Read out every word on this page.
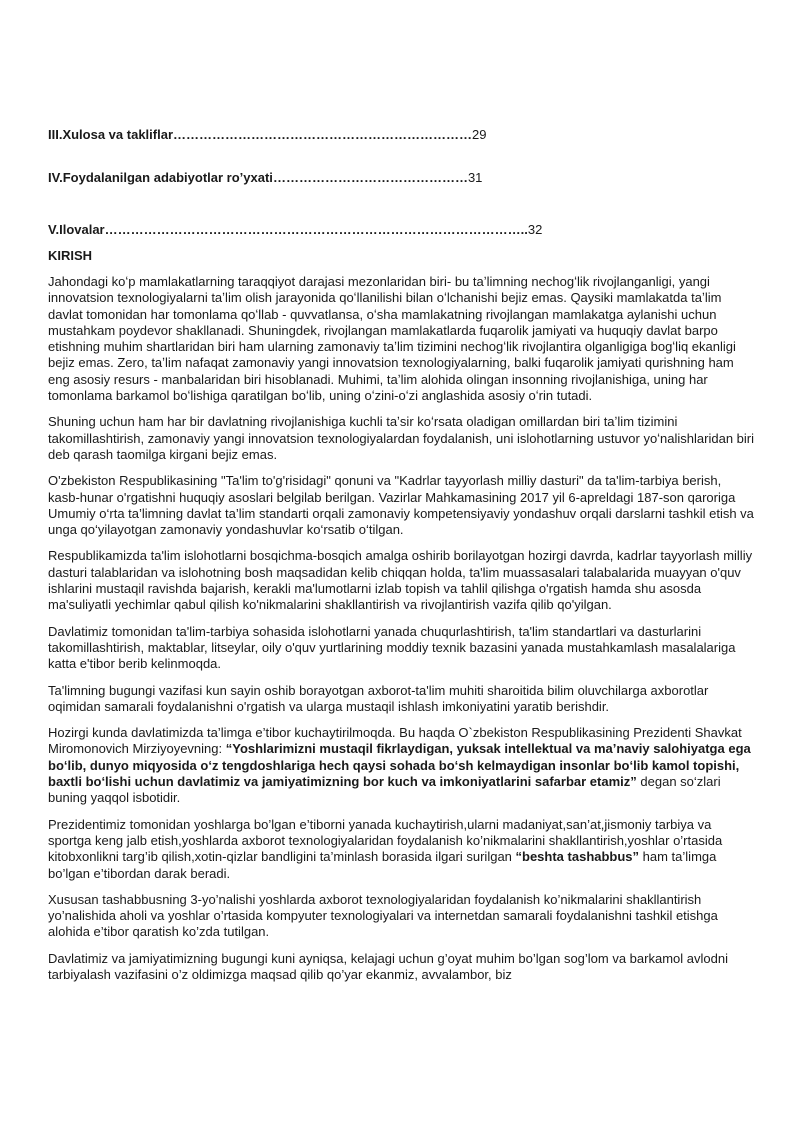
III.Xulosa va takliflar……………………………………………………………29
IV.Foydalanilgan adabiyotlar ro’yxati………………………………………31
V.Ilovalar……………………………………………………………………………………..32
KIRISH

Jahondagi koʻp mamlakatlarning taraqqiyot darajasi mezonlaridan biri- bu taʼlimning nechogʻlik rivojlanganligi, yangi innovatsion texnologiyalarni taʼlim olish jarayonida qoʻllanilishi bilan oʻlchanishi bejiz emas. Qaysiki mamlakatda taʼlim davlat tomonidan har tomonlama qoʻllab - quvvatlansa, oʻsha mamlakatning rivojlangan mamlakatga aylanishi uchun mustahkam poydevor shakllanadi. Shuningdek, rivojlangan mamlakatlarda fuqarolik jamiyati va huquqiy davlat barpo etishning muhim shartlaridan biri ham ularning zamonaviy taʼlim tizimini nechogʻlik rivojlantira olganligiga bogʻliq ekanligi bejiz emas. Zero, taʼlim nafaqat zamonaviy yangi innovatsion texnologiyalarning, balki fuqarolik jamiyati qurishning ham eng asosiy resurs - manbalaridan biri hisoblanadi. Muhimi, taʼlim alohida olingan insonning rivojlanishiga, uning har tomonlama barkamol boʻlishiga qaratilgan boʻlib, uning oʻzini-oʻzi anglashida asosiy oʻrin tutadi.

Shuning uchun ham har bir davlatning rivojlanishiga kuchli taʼsir koʻrsata oladigan omillardan biri taʼlim tizimini takomillashtirish, zamonaviy yangi innovatsion texnologiyalardan foydalanish, uni islohotlarning ustuvor yoʻnalishlaridan biri deb qarash taomilga kirgani bejiz emas.

O'zbekiston Respublikasining "Ta'lim to'g'risidagi" qonuni va "Kadrlar tayyorlash milliy dasturi" da ta'lim-tarbiya berish, kasb-hunar o'rgatishni huquqiy asoslari belgilab berilgan. Vazirlar Mahkamasining 2017 yil 6-apreldagi 187-son qaroriga Umumiy o‘rta ta’limning davlat ta’lim standarti orqali zamonaviy kompetensiyaviy yondashuv orqali darslarni tashkil etish va unga qo‘yilayotgan zamonaviy yondashuvlar ko‘rsatib o‘tilgan.

Respublikamizda ta'lim islohotlarni bosqichma-bosqich amalga oshirib borilayotgan hozirgi davrda, kadrlar tayyorlash milliy dasturi talablaridan va islohotning bosh maqsadidan kelib chiqqan holda, ta'lim muassasalari talabalarida muayyan o'quv ishlarini mustaqil ravishda bajarish, kerakli ma'lumotlarni izlab topish va tahlil qilishga o'rgatish hamda shu asosda ma'suliyatli yechimlar qabul qilish ko'nikmalarini shakllantirish va rivojlantirish vazifa qilib qo'yilgan.

Davlatimiz tomonidan ta'lim-tarbiya sohasida islohotlarni yanada chuqurlashtirish, ta'lim standartlari va dasturlarini takomillashtirish, maktablar, litseylar, oily o'quv yurtlarining moddiy texnik bazasini yanada mustahkamlash masalalariga katta e'tibor berib kelinmoqda.

Ta'limning bugungi vazifasi kun sayin oshib borayotgan axborot-ta'lim muhiti sharoitida bilim oluvchilarga axborotlar oqimidan samarali foydalanishni o'rgatish va ularga mustaqil ishlash imkoniyatini yaratib berishdir.

Hozirgi kunda davlatimizda ta’limga e’tibor kuchaytirilmoqda. Bu haqda O`zbekiston Respublikasining Prezidenti Shavkat Miromonovich Mirziyoyevning: “Yoshlarimizni mustaqil fikrlaydigan, yuksak intellektual va ma’naviy salohiyatga ega bo‘lib, dunyo miqyosida o‘z tengdoshlariga hech qaysi sohada bo‘sh kelmaydigan insonlar bo‘lib kamol topishi, baxtli bo‘lishi uchun davlatimiz va jamiyatimizning bor kuch va imkoniyatlarini safarbar etamiz” degan so‘zlari buning yaqqol isbotidir.

Prezidentimiz tomonidan yoshlarga bo’lgan e’tiborni yanada kuchaytirish,ularni madaniyat,san’at,jismoniy tarbiya va sportga keng jalb etish,yoshlarda axborot texnologiyalaridan foydalanish ko’nikmalarini shakllantirish,yoshlar o’rtasida kitobxonlikni targ’ib qilish,xotin-qizlar bandligini ta’minlash borasida ilgari surilgan “beshta tashabbus” ham ta’limga bo’lgan e’tibordan darak beradi.

Xususan tashabbusning 3-yo’nalishi yoshlarda axborot texnologiyalaridan foydalanish ko’nikmalarini shakllantirish yo’nalishida aholi va yoshlar o’rtasida kompyuter texnologiyalari va internetdan samarali foydalanishni tashkil etishga alohida e’tibor qaratish ko’zda tutilgan.

Davlatimiz va jamiyatimizning bugungi kuni ayniqsa, kelajagi uchun g’oyat muhim bo’lgan sog’lom va barkamol avlodni tarbiyalash vazifasini o’z oldimizga maqsad qilib qo’yar ekanmiz, avvalambor, biz
